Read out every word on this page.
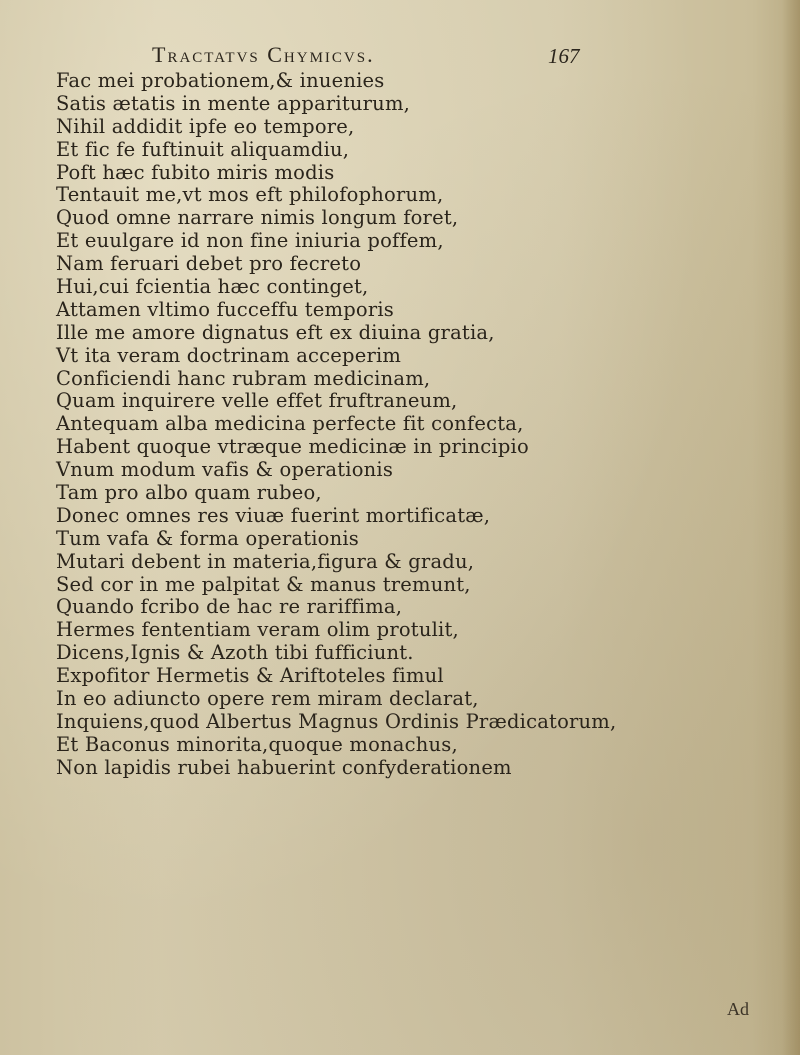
Tractatvs Chymicvs.	167
Fac mei probationem,& inuenies
Satis ætatis in mente appariturum,
Nihil addidit ipfe eo tempore,
Et fic fe fuftinuit aliquamdiu,
Poft hæc fubito miris modis
Tentauit me,vt mos eft philofophorum,
Quod omne narrare nimis longum foret,
Et euulgare id non fine iniuria poffem,
Nam feruari debet pro fecreto
Hui,cui fcientia hæc continget,
Attamen vltimo fucceffu temporis
Ille me amore dignatus eft ex diuina gratia,
Vt ita veram doctrinam acceperim
Conficiendi hanc rubram medicinam,
Quam inquirere velle effet fruftraneum,
Antequam alba medicina perfecte fit confecta,
Habent quoque vtræque medicinæ in principio
Vnum modum vafis & operationis
Tam pro albo quam rubeo,
Donec omnes res viuæ fuerint mortificatæ,
Tum vafa & forma operationis
Mutari debent in materia,figura & gradu,
Sed cor in me palpitat & manus tremunt,
Quando fcribo de hac re rariffima,
Hermes fententiam veram olim protulit,
Dicens,Ignis & Azoth tibi fufficiunt.
Expofitor Hermetis & Ariftoteles fimul
In eo adiuncto opere rem miram declarat,
Inquiens,quod Albertus Magnus Ordinis Prædicatorum,
Et Baconus minorita,quoque monachus,
Non lapidis rubei habuerint confyderationem
Ad
